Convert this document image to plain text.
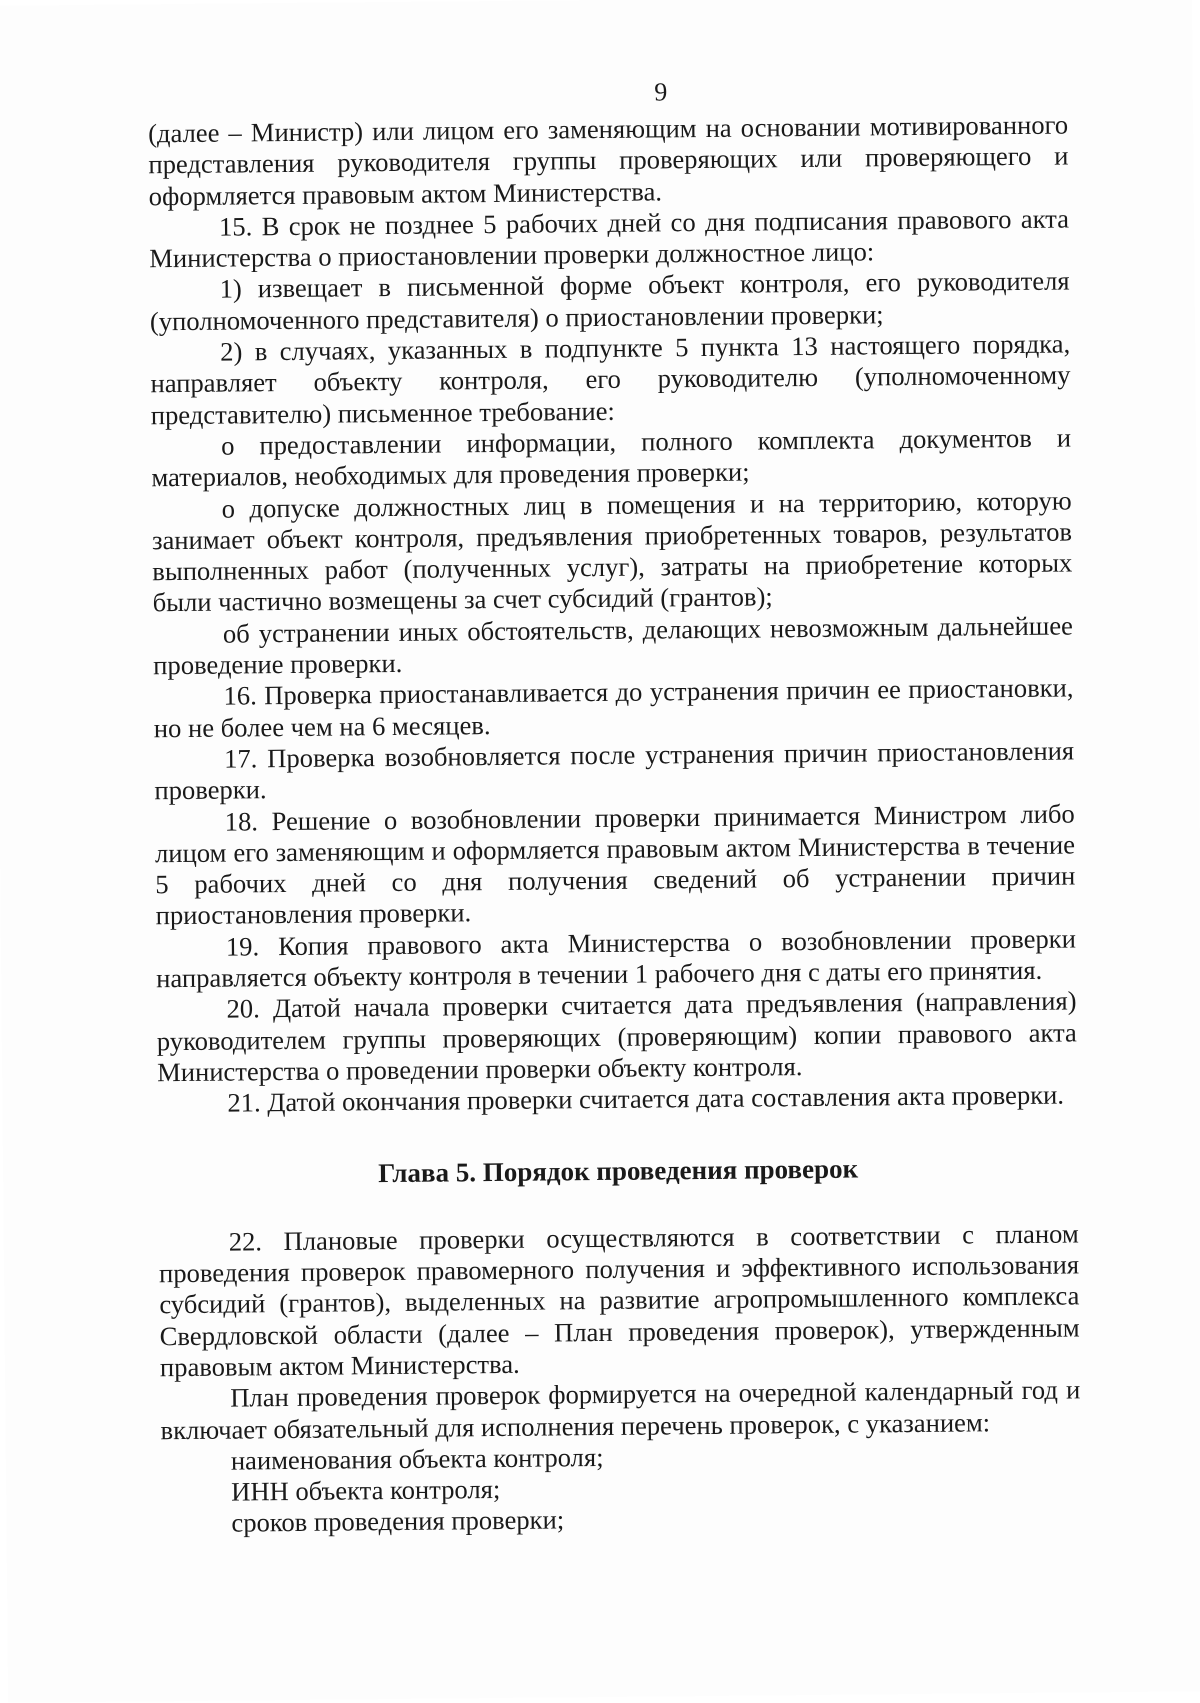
9

(далее – Министр) или лицом его заменяющим на основании мотивированного представления руководителя группы проверяющих или проверяющего и оформляется правовым актом Министерства.

15. В срок не позднее 5 рабочих дней со дня подписания правового акта Министерства о приостановлении проверки должностное лицо:

1) извещает в письменной форме объект контроля, его руководителя (уполномоченного представителя) о приостановлении проверки;

2) в случаях, указанных в подпункте 5 пункта 13 настоящего порядка, направляет объекту контроля, его руководителю (уполномоченному представителю) письменное требование:

о предоставлении информации, полного комплекта документов и материалов, необходимых для проведения проверки;

о допуске должностных лиц в помещения и на территорию, которую занимает объект контроля, предъявления приобретенных товаров, результатов выполненных работ (полученных услуг), затраты на приобретение которых были частично возмещены за счет субсидий (грантов);

об устранении иных обстоятельств, делающих невозможным дальнейшее проведение проверки.

16. Проверка приостанавливается до устранения причин ее приостановки, но не более чем на 6 месяцев.

17. Проверка возобновляется после устранения причин приостановления проверки.

18. Решение о возобновлении проверки принимается Министром либо лицом его заменяющим и оформляется правовым актом Министерства в течение 5 рабочих дней со дня получения сведений об устранении причин приостановления проверки.

19. Копия правового акта Министерства о возобновлении проверки направляется объекту контроля в течении 1 рабочего дня с даты его принятия.

20. Датой начала проверки считается дата предъявления (направления) руководителем группы проверяющих (проверяющим) копии правового акта Министерства о проведении проверки объекту контроля.

21. Датой окончания проверки считается дата составления акта проверки.

Глава 5. Порядок проведения проверок

22. Плановые проверки осуществляются в соответствии с планом проведения проверок правомерного получения и эффективного использования субсидий (грантов), выделенных на развитие агропромышленного комплекса Свердловской области (далее – План проведения проверок), утвержденным правовым актом Министерства.

План проведения проверок формируется на очередной календарный год и включает обязательный для исполнения перечень проверок, с указанием:

наименования объекта контроля;

ИНН объекта контроля;

сроков проведения проверки;
